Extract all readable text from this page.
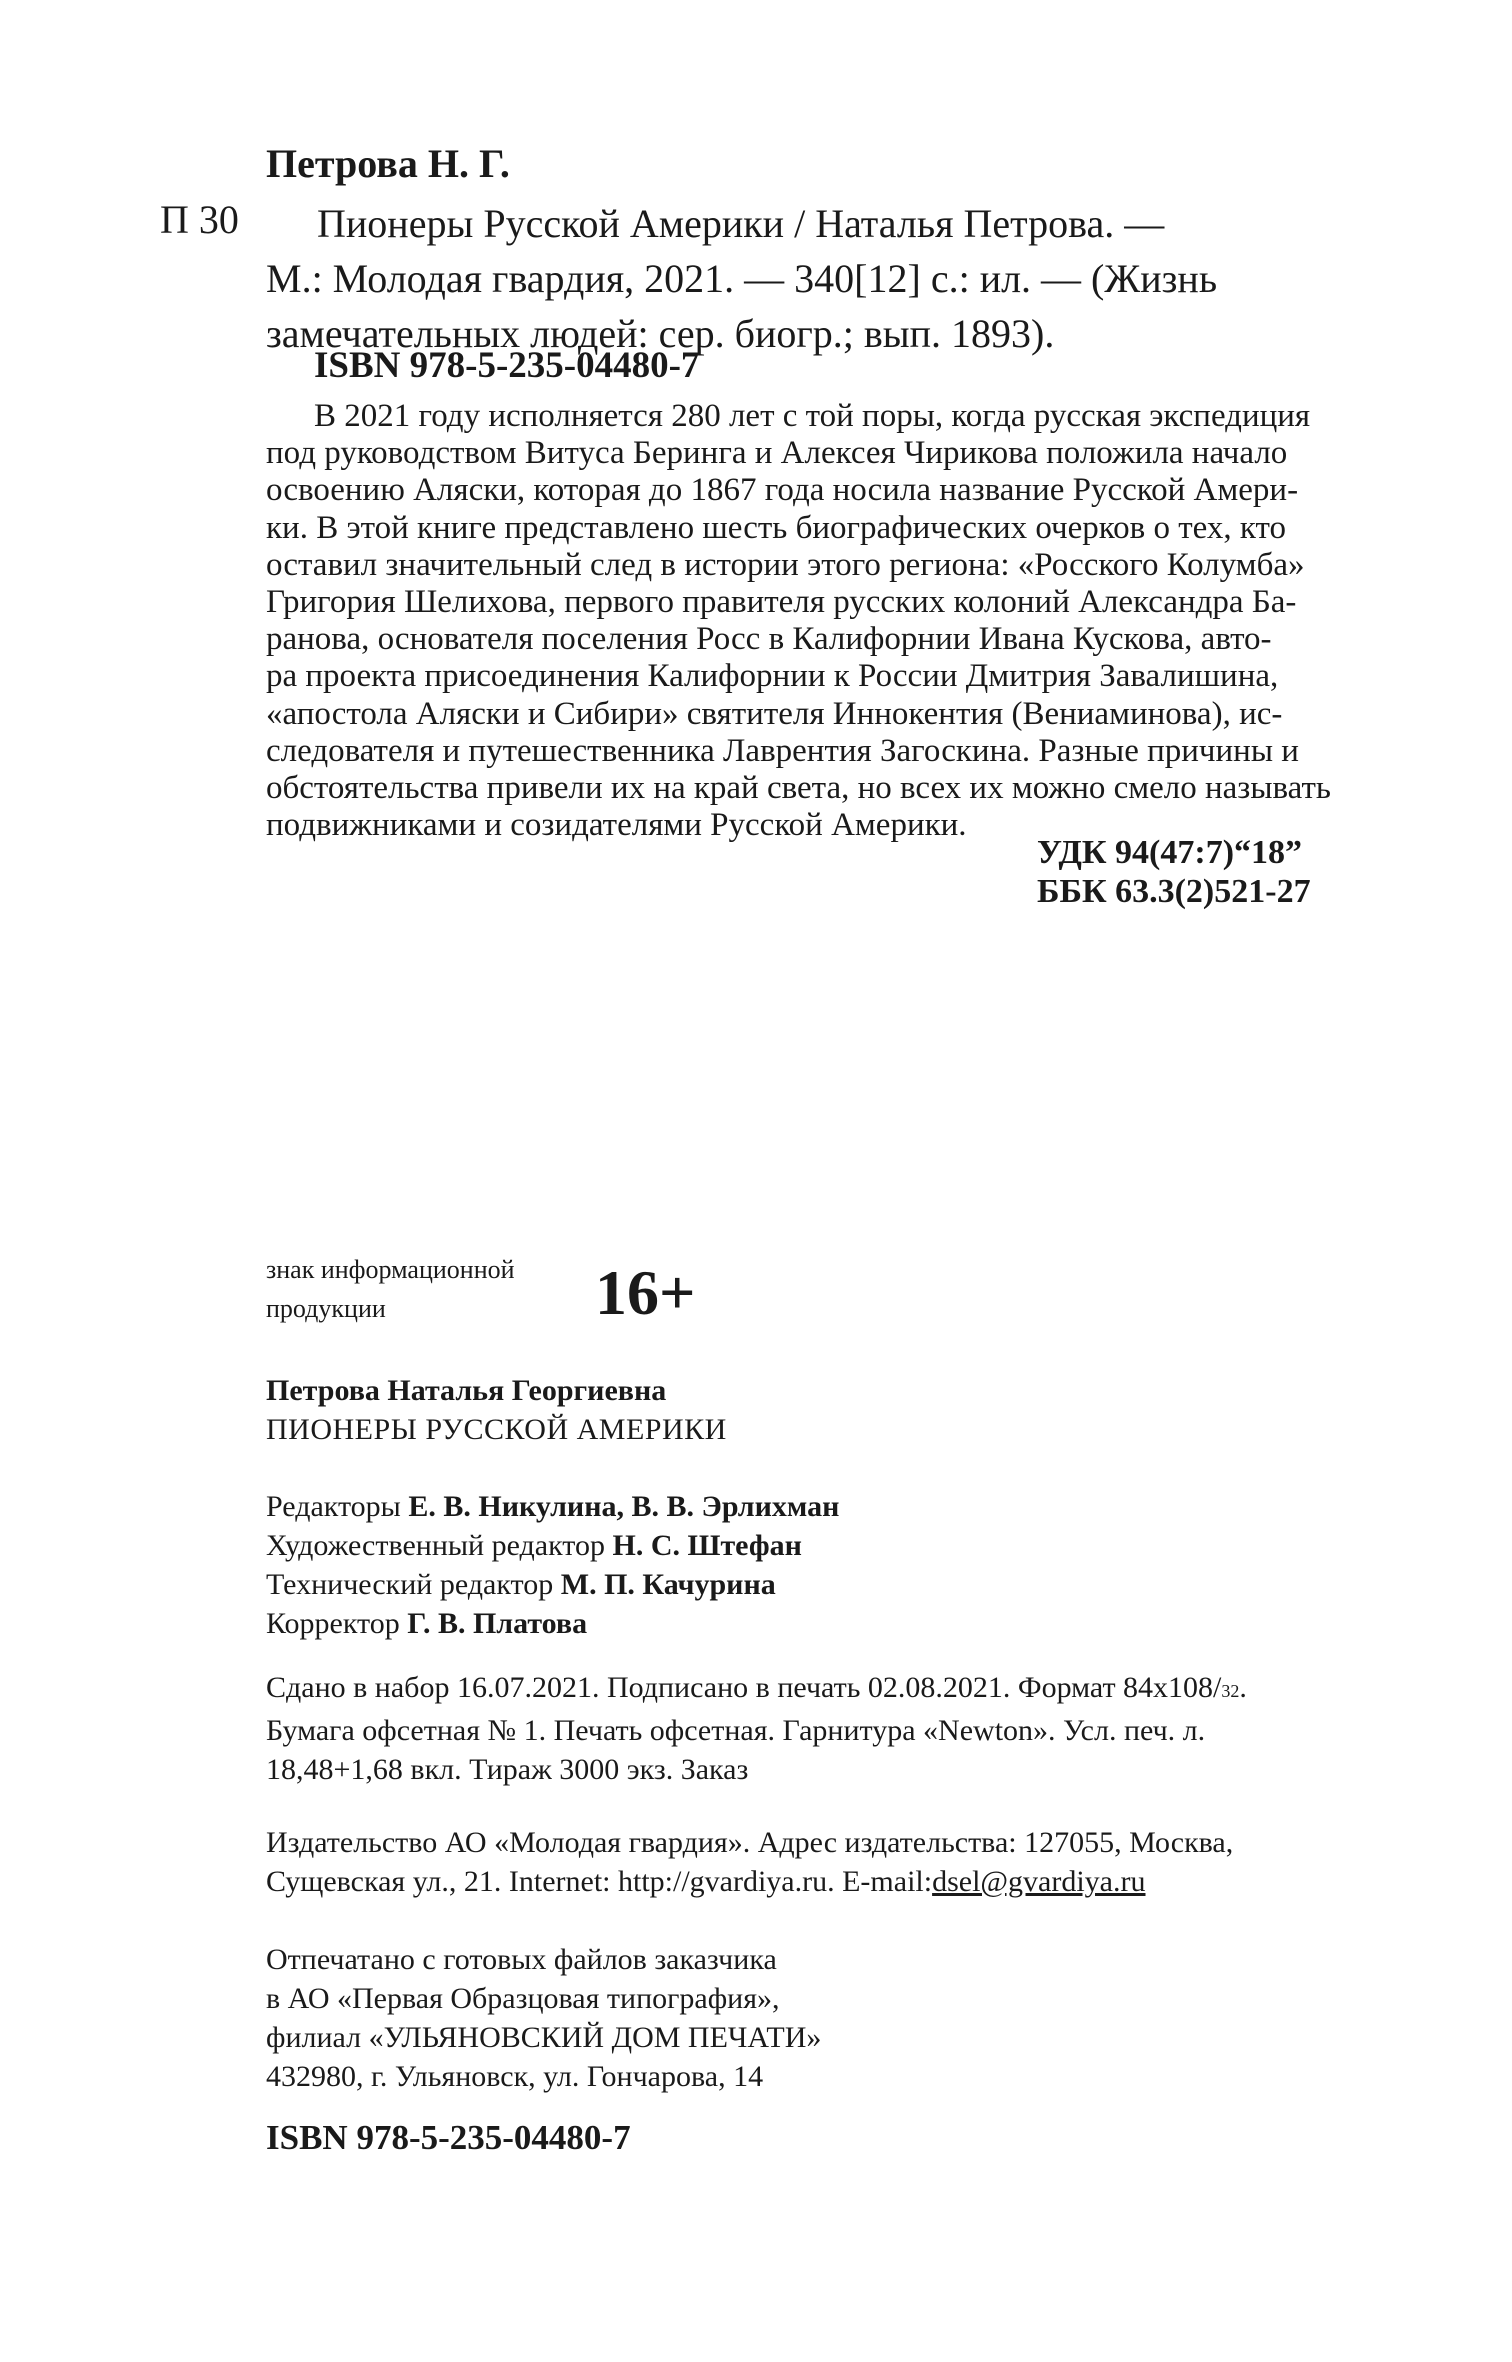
Петрова Н. Г.
П 30	Пионеры Русской Америки / Наталья Петрова. —
М.: Молодая гвардия, 2021. — 340[12] с.: ил. — (Жизнь
замечательных людей: сер. биогр.; вып. 1893).
ISBN 978-5-235-04480-7
В 2021 году исполняется 280 лет с той поры, когда русская экспедиция
под руководством Витуса Беринга и Алексея Чирикова положила начало
освоению Аляски, которая до 1867 года носила название Русской Амери-
ки. В этой книге представлено шесть биографических очерков о тех, кто
оставил значительный след в истории этого региона: «Росского Колумба»
Григория Шелихова, первого правителя русских колоний Александра Ба-
ранова, основателя поселения Росс в Калифорнии Ивана Кускова, авто-
ра проекта присоединения Калифорнии к России Дмитрия Завалишина,
«апостола Аляски и Сибири» святителя Иннокентия (Вениаминова), ис-
следователя и путешественника Лаврентия Загоскина. Разные причины и
обстоятельства привели их на край света, но всех их можно смело называть
подвижниками и созидателями Русской Америки.
УДК 94(47:7)“18”
ББК 63.3(2)521-27
знак информационной
продукции	16+
Петрова Наталья Георгиевна
ПИОНЕРЫ РУССКОЙ АМЕРИКИ
Редакторы Е. В. Никулина, В. В. Эрлихман
Художественный редактор Н. С. Штефан
Технический редактор М. П. Качурина
Корректор Г. В. Платова
Сдано в набор 16.07.2021. Подписано в печать 02.08.2021. Формат 84х108/32.
Бумага офсетная № 1. Печать офсетная. Гарнитура «Newton». Усл. печ. л.
18,48+1,68 вкл. Тираж 3000 экз. Заказ
Издательство АО «Молодая гвардия». Адрес издательства: 127055, Москва,
Сущевская ул., 21. Internet: http://gvardiya.ru. E-mail:dsel@gvardiya.ru
Отпечатано с готовых файлов заказчика
в АО «Первая Образцовая типография»,
филиал «УЛЬЯНОВСКИЙ ДОМ ПЕЧАТИ»
432980, г. Ульяновск, ул. Гончарова, 14
ISBN 978-5-235-04480-7
